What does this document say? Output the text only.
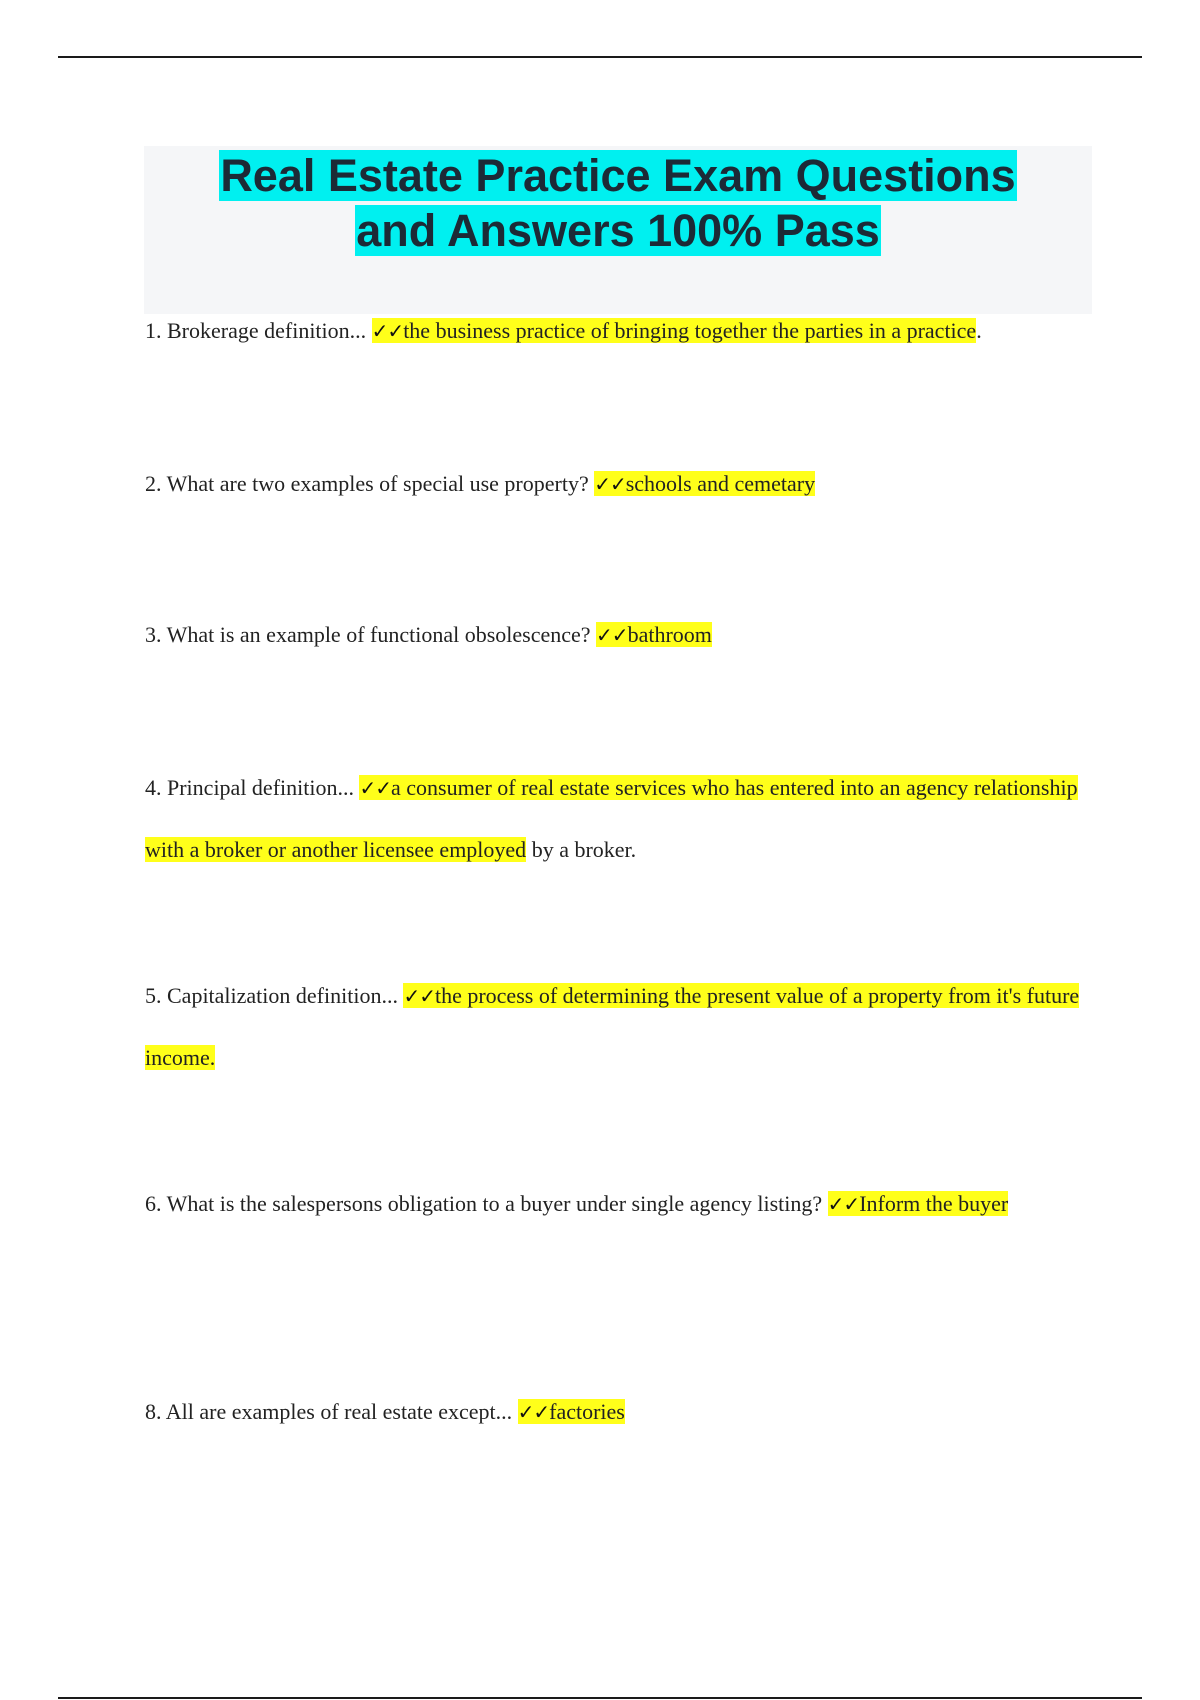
Real Estate Practice Exam Questions
and Answers 100% Pass

1. Brokerage definition... ✓✓the business practice of bringing together the parties in a practice.

2. What are two examples of special use property? ✓✓schools and cemetary

3. What is an example of functional obsolescence? ✓✓bathroom

4. Principal definition... ✓✓a consumer of real estate services who has entered into an agency relationship with a broker or another licensee employed by a broker.

5. Capitalization definition... ✓✓the process of determining the present value of a property from it's future income.

6. What is the salespersons obligation to a buyer under single agency listing? ✓✓Inform the buyer

8. All are examples of real estate except... ✓✓factories
